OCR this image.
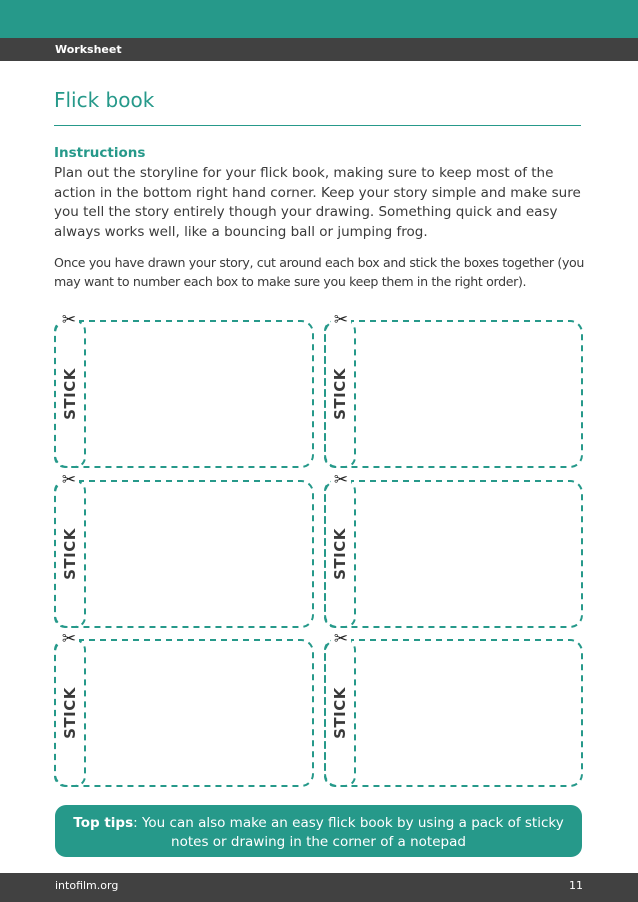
Worksheet
Flick book
Instructions

Plan out the storyline for your flick book, making sure to keep most of the action in the bottom right hand corner. Keep your story simple and make sure you tell the story entirely though your drawing. Something quick and easy always works well, like a bouncing ball or jumping frog.

Once you have drawn your story, cut around each box and stick the boxes together (you may want to number each box to make sure you keep them in the right order).

✂	✂
✂	✂
✂	✂
STICK	STICK
STICK	STICK
STICK	STICK
Top tips: You can also make an easy flick book by using a pack of sticky notes or drawing in the corner of a notepad
intofilm.org	11
